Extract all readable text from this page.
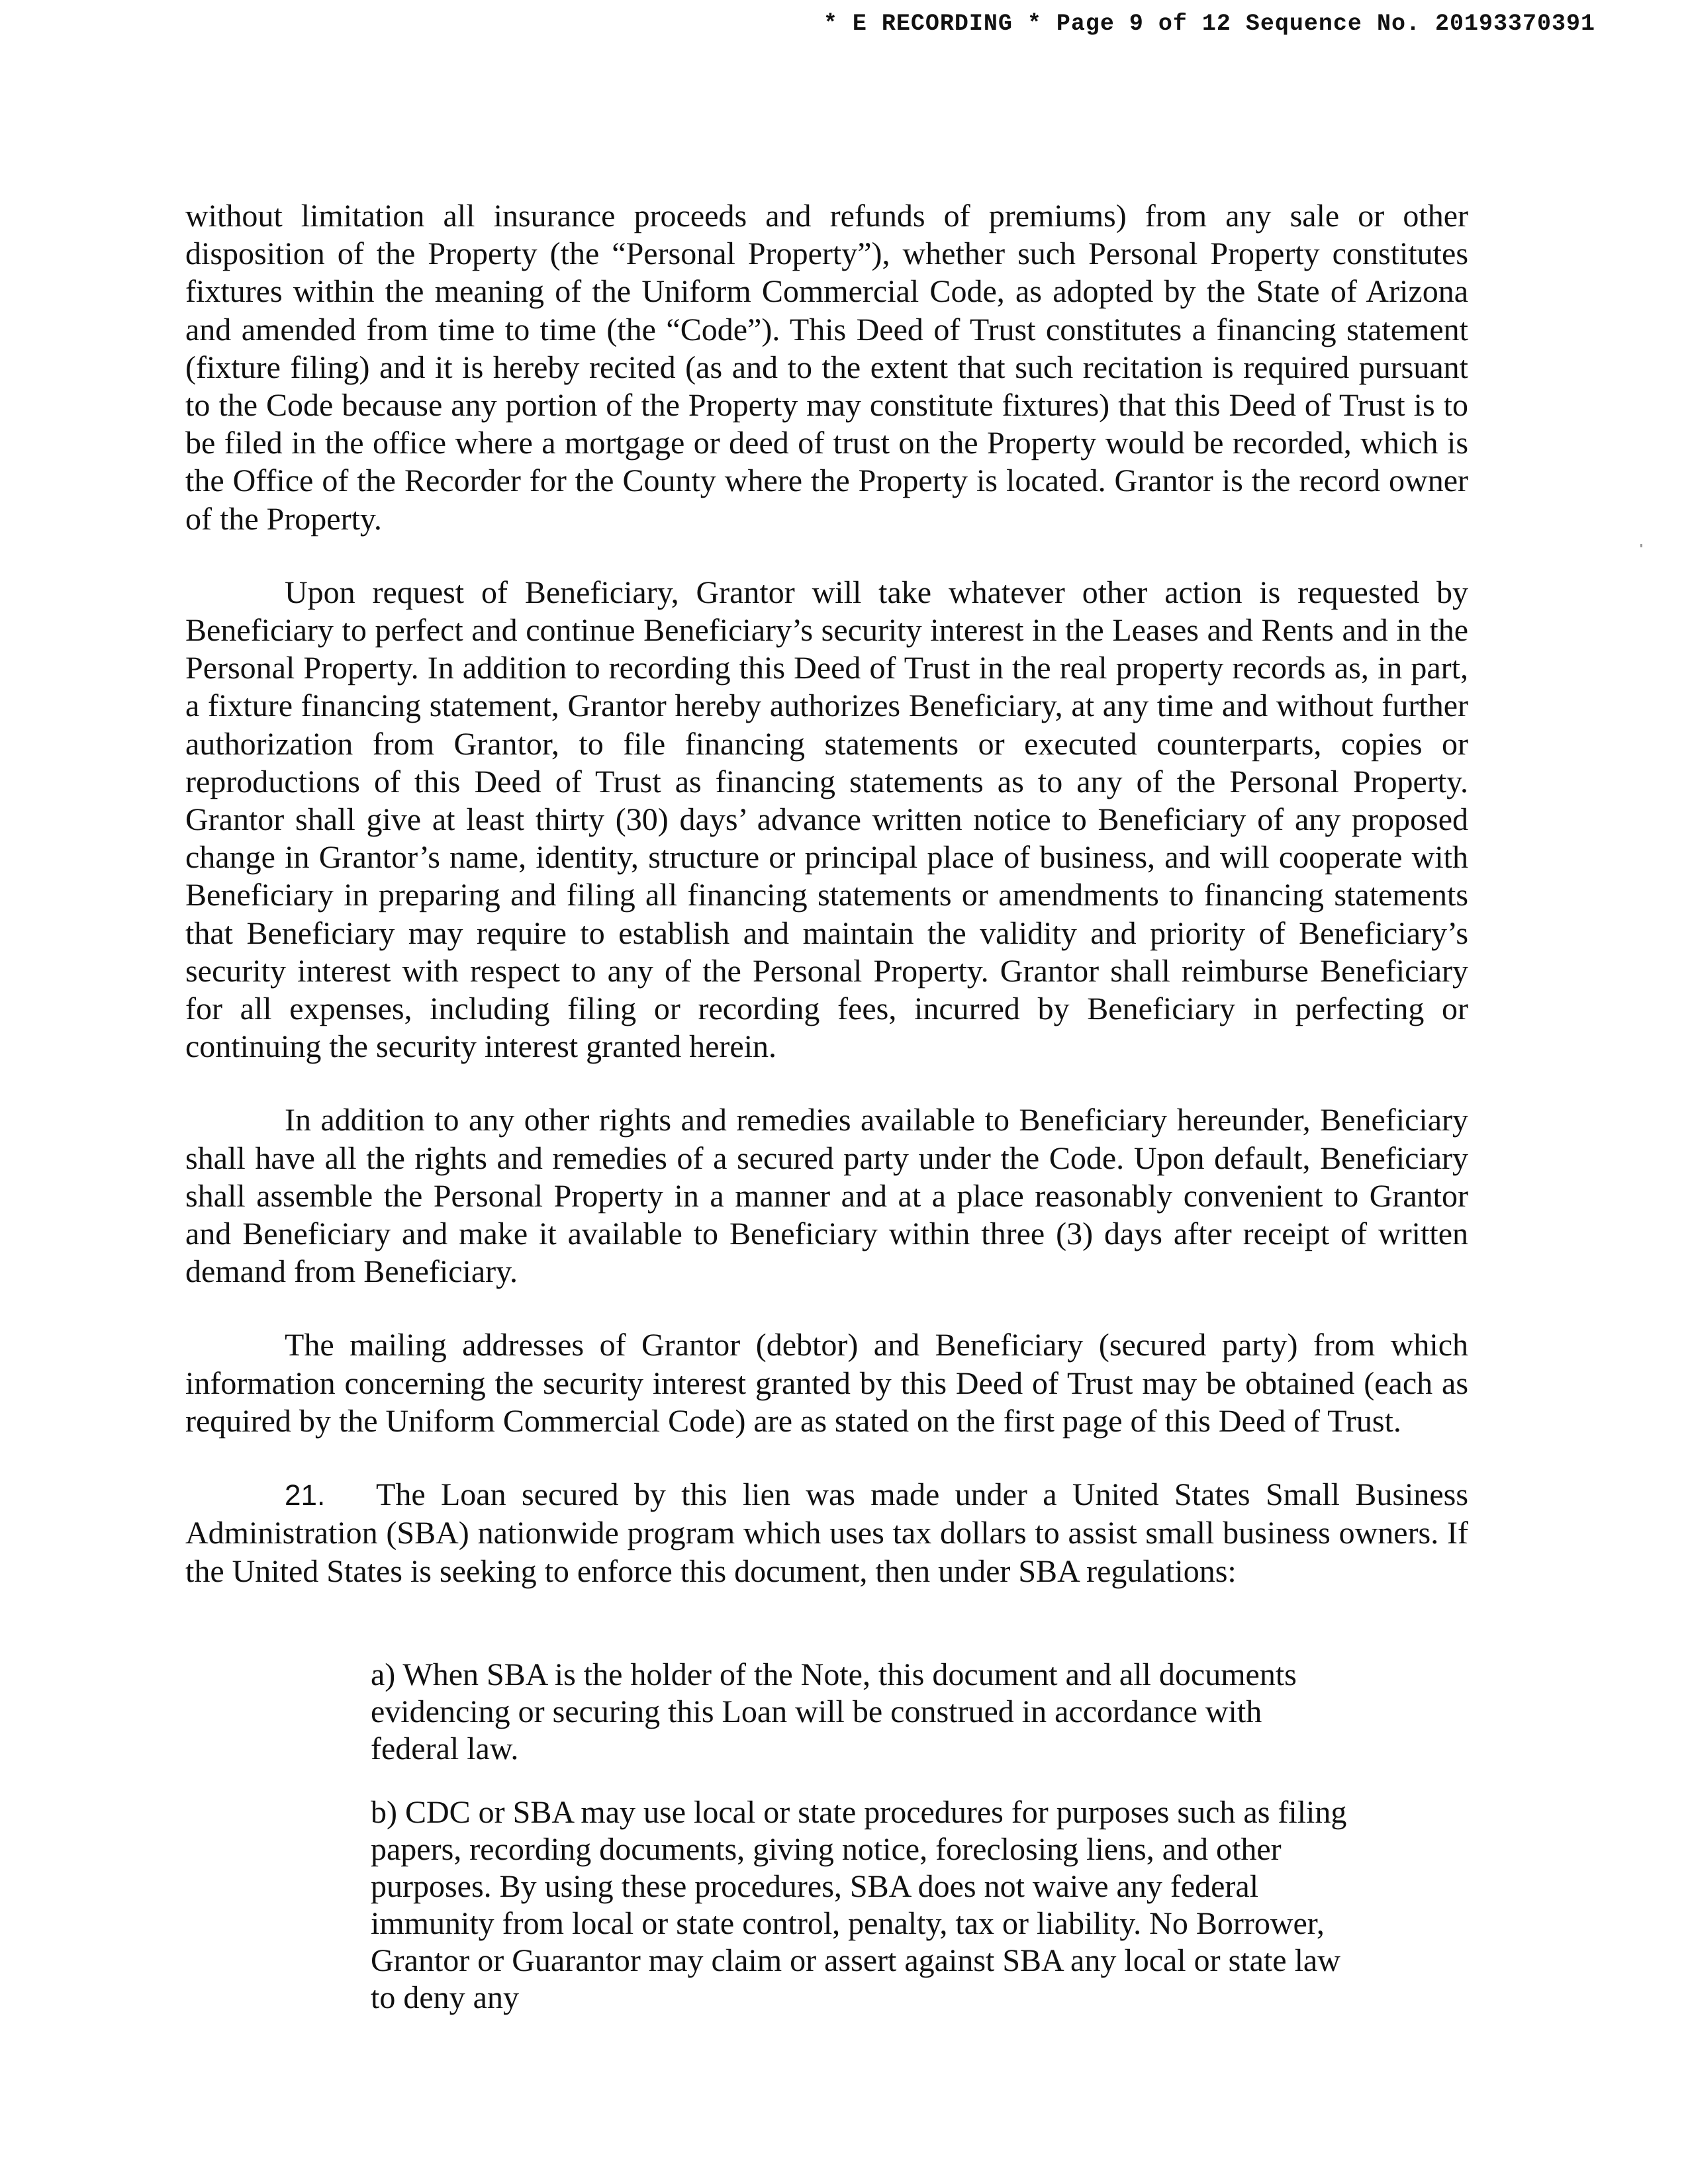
* E RECORDING * Page 9 of 12 Sequence No. 20193370391

without limitation all insurance proceeds and refunds of premiums) from any sale or other disposition of the Property (the “Personal Property”), whether such Personal Property constitutes fixtures within the meaning of the Uniform Commercial Code, as adopted by the State of Arizona and amended from time to time (the “Code”). This Deed of Trust constitutes a financing statement (fixture filing) and it is hereby recited (as and to the extent that such recitation is required pursuant to the Code because any portion of the Property may constitute fixtures) that this Deed of Trust is to be filed in the office where a mortgage or deed of trust on the Property would be recorded, which is the Office of the Recorder for the County where the Property is located. Grantor is the record owner of the Property.

Upon request of Beneficiary, Grantor will take whatever other action is requested by Beneficiary to perfect and continue Beneficiary’s security interest in the Leases and Rents and in the Personal Property. In addition to recording this Deed of Trust in the real property records as, in part, a fixture financing statement, Grantor hereby authorizes Beneficiary, at any time and without further authorization from Grantor, to file financing statements or executed counterparts, copies or reproductions of this Deed of Trust as financing statements as to any of the Personal Property. Grantor shall give at least thirty (30) days’ advance written notice to Beneficiary of any proposed change in Grantor’s name, identity, structure or principal place of business, and will cooperate with Beneficiary in preparing and filing all financing statements or amendments to financing statements that Beneficiary may require to establish and maintain the validity and priority of Beneficiary’s security interest with respect to any of the Personal Property. Grantor shall reimburse Beneficiary for all expenses, including filing or recording fees, incurred by Beneficiary in perfecting or continuing the security interest granted herein.

In addition to any other rights and remedies available to Beneficiary hereunder, Beneficiary shall have all the rights and remedies of a secured party under the Code. Upon default, Beneficiary shall assemble the Personal Property in a manner and at a place reasonably convenient to Grantor and Beneficiary and make it available to Beneficiary within three (3) days after receipt of written demand from Beneficiary.

The mailing addresses of Grantor (debtor) and Beneficiary (secured party) from which information concerning the security interest granted by this Deed of Trust may be obtained (each as required by the Uniform Commercial Code) are as stated on the first page of this Deed of Trust.

21. The Loan secured by this lien was made under a United States Small Business Administration (SBA) nationwide program which uses tax dollars to assist small business owners. If the United States is seeking to enforce this document, then under SBA regulations:

a) When SBA is the holder of the Note, this document and all documents evidencing or securing this Loan will be construed in accordance with federal law.

b) CDC or SBA may use local or state procedures for purposes such as filing papers, recording documents, giving notice, foreclosing liens, and other purposes. By using these procedures, SBA does not waive any federal immunity from local or state control, penalty, tax or liability. No Borrower, Grantor or Guarantor may claim or assert against SBA any local or state law to deny any
